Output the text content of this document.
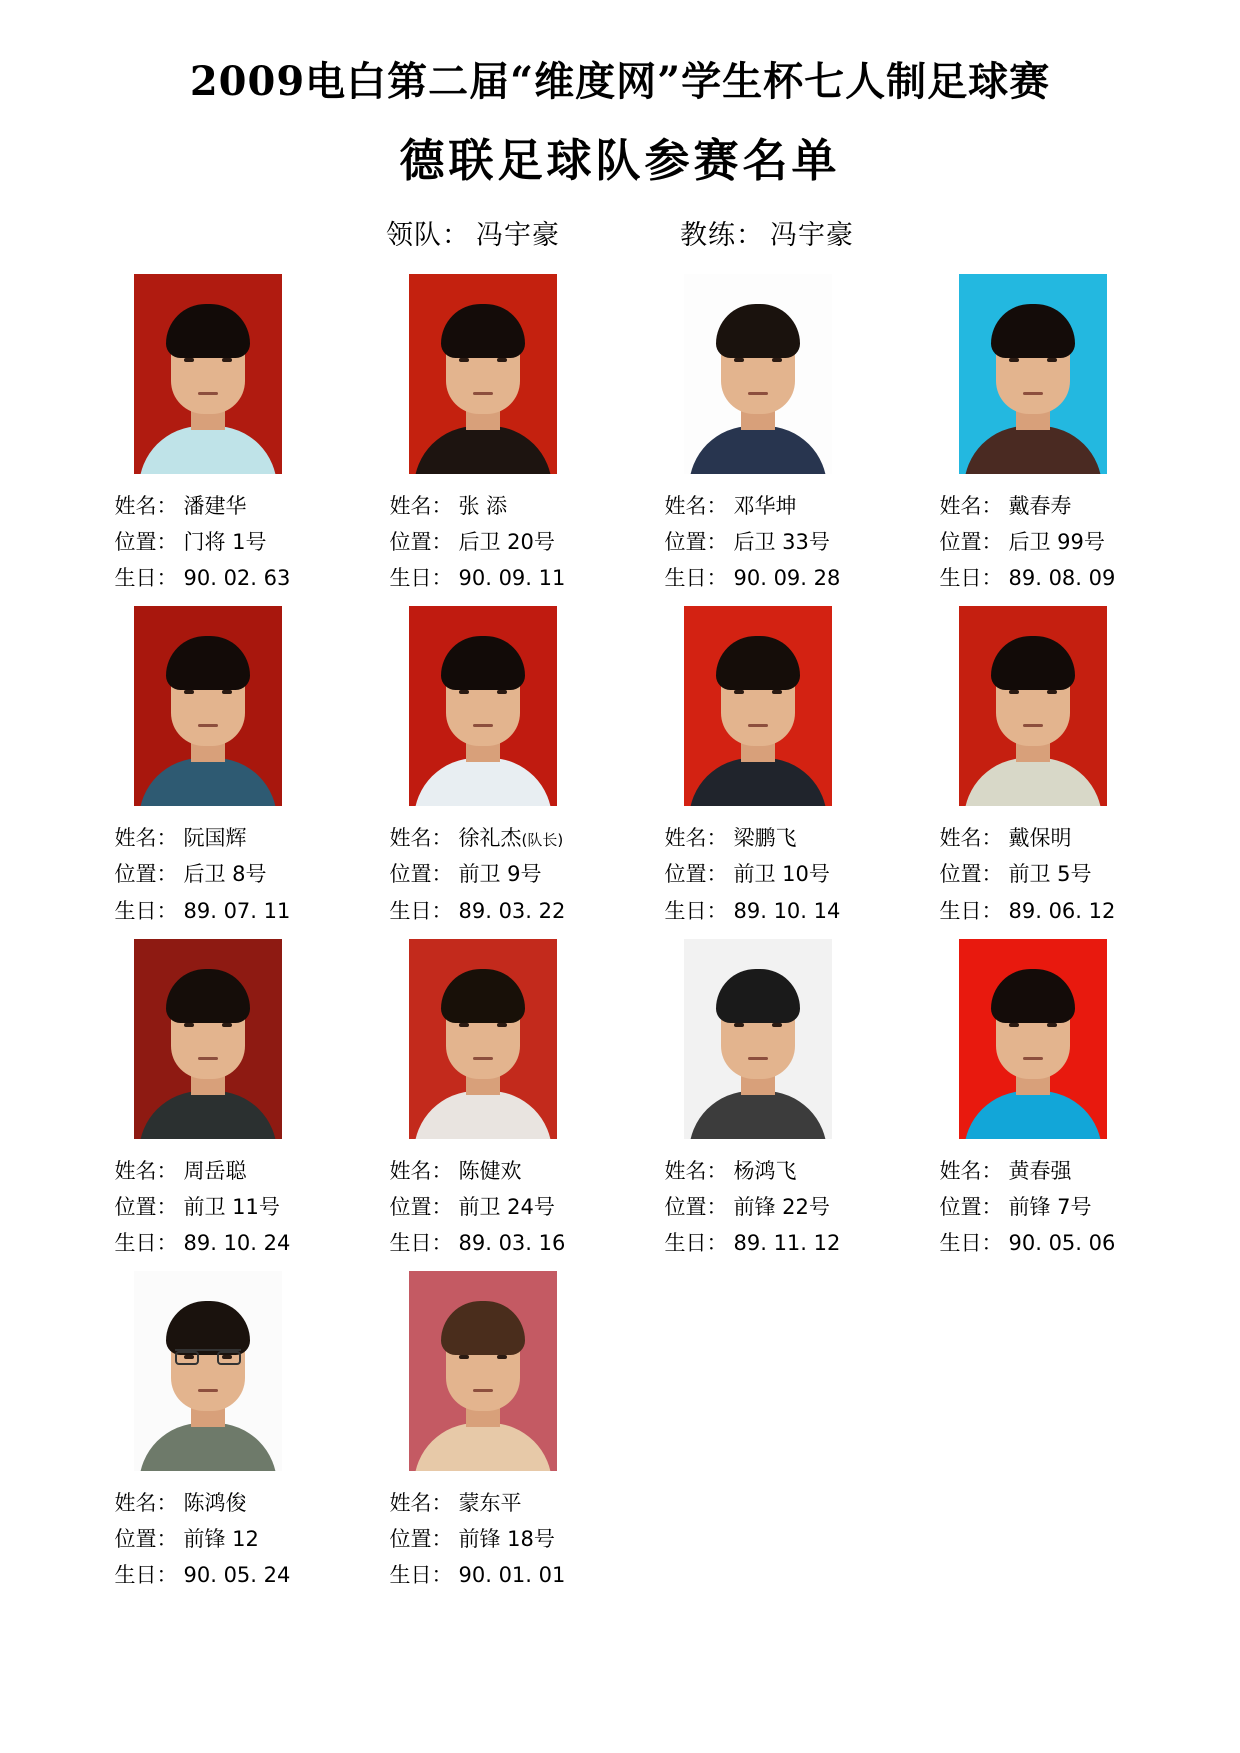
2009电白第二届“维度网”学生杯七人制足球赛
德联足球队参赛名单
领队： 冯宇豪	教练： 冯宇豪
姓名： 潘建华
位置： 门将 1号
生日： 90. 02. 63
姓名： 张 添
位置： 后卫 20号
生日： 90. 09. 11
姓名： 邓华坤
位置： 后卫 33号
生日： 90. 09. 28
姓名： 戴春寿
位置： 后卫 99号
生日： 89. 08. 09
姓名： 阮国辉
位置： 后卫 8号
生日： 89. 07. 11
姓名： 徐礼杰(队长)
位置： 前卫 9号
生日： 89. 03. 22
姓名： 梁鹏飞
位置： 前卫 10号
生日： 89. 10. 14
姓名： 戴保明
位置： 前卫 5号
生日： 89. 06. 12
姓名： 周岳聪
位置： 前卫 11号
生日： 89. 10. 24
姓名： 陈健欢
位置： 前卫 24号
生日： 89. 03. 16
姓名： 杨鸿飞
位置： 前锋 22号
生日： 89. 11. 12
姓名： 黄春强
位置： 前锋 7号
生日： 90. 05. 06
姓名： 陈鸿俊
位置： 前锋 12
生日： 90. 05. 24
姓名： 蒙东平
位置： 前锋 18号
生日： 90. 01. 01
